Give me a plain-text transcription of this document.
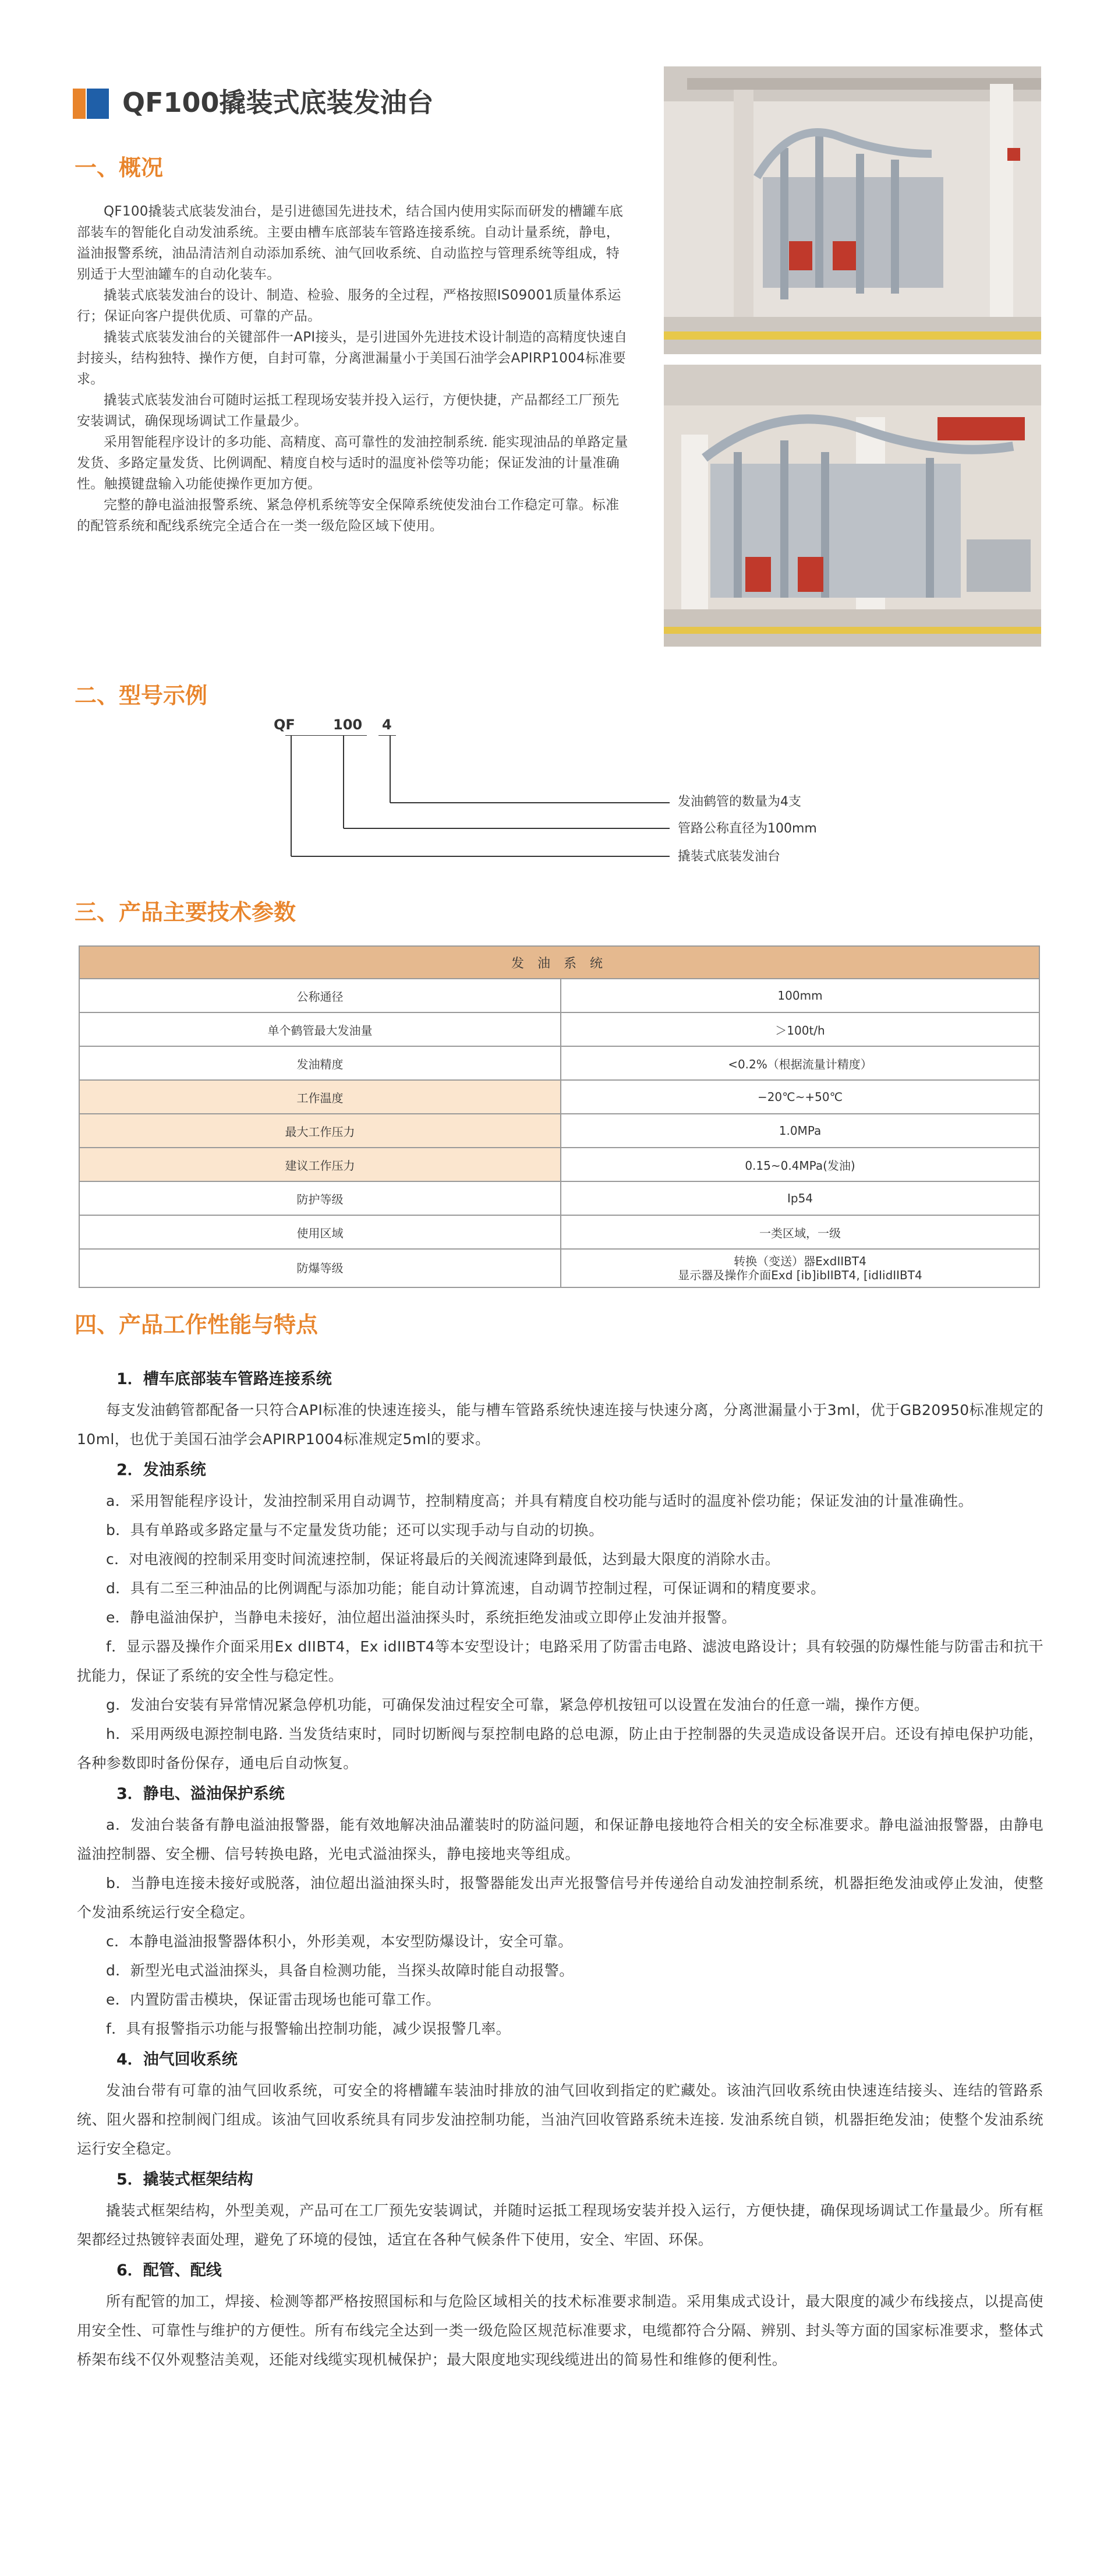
QF100撬装式底装发油台
一、概况

QF100撬装式底装发油台，是引进德国先进技术，结合国内使用实际而研发的槽罐车底部装车的智能化自动发油系统。主要由槽车底部装车管路连接系统。自动计量系统，静电，溢油报警系统，油品清洁剂自动添加系统、油气回收系统、自动监控与管理系统等组成，特别适于大型油罐车的自动化装车。

撬装式底装发油台的设计、制造、检验、服务的全过程，严格按照IS09001质量体系运行；保证向客户提供优质、可靠的产品。

撬装式底装发油台的关键部件一API接头，是引进国外先进技术设计制造的高精度快速自封接头，结构独特、操作方便，自封可靠，分离泄漏量小于美国石油学会APIRP1004标准要求。

撬装式底装发油台可随时运抵工程现场安装并投入运行，方便快捷，产品都经工厂预先安装调试，确保现场调试工作量最少。

采用智能程序设计的多功能、高精度、高可靠性的发油控制系统. 能实现油品的单路定量发货、多路定量发货、比例调配、精度自校与适时的温度补偿等功能；保证发油的计量准确性。触摸键盘输入功能使操作更加方便。

完整的静电溢油报警系统、紧急停机系统等安全保障系统使发油台工作稳定可靠。标准的配管系统和配线系统完全适合在一类一级危险区域下使用。

二、型号示例
QF	100 4
发油鹤管的数量为4支
管路公称直径为100mm
撬装式底装发油台
三、产品主要技术参数
发 油 系 统	
公称通径	100mm
单个鹤管最大发油量	＞100t/h
发油精度	<0.2%（根据流量计精度）
工作温度	−20℃~+50℃
最大工作压力	1.0MPa
建议工作压力	0.15~0.4MPa(发油)
防护等级	Ip54
使用区域	一类区域，一级
防爆等级	转换（变送）器ExdIIBT4
显示器及操作介面Exd [ib]ibIIBT4, [idIidIIBT4
四、产品工作性能与特点
1．槽车底部装车管路连接系统

每支发油鹤管都配备一只符合API标准的快速连接头，能与槽车管路系统快速连接与快速分离，分离泄漏量小于3ml，优于GB20950标准规定的10ml，也优于美国石油学会APIRP1004标准规定5ml的要求。

2．发油系统

a．采用智能程序设计，发油控制采用自动调节，控制精度高；并具有精度自校功能与适时的温度补偿功能；保证发油的计量准确性。

b．具有单路或多路定量与不定量发货功能；还可以实现手动与自动的切换。

c．对电液阀的控制采用变时间流速控制，保证将最后的关阀流速降到最低，达到最大限度的消除水击。

d．具有二至三种油品的比例调配与添加功能；能自动计算流速，自动调节控制过程，可保证调和的精度要求。

e．静电溢油保护，当静电未接好，油位超出溢油探头时，系统拒绝发油或立即停止发油并报警。

f．显示器及操作介面采用Ex dIIBT4，Ex idIIBT4等本安型设计；电路采用了防雷击电路、滤波电路设计；具有较强的防爆性能与防雷击和抗干扰能力，保证了系统的安全性与稳定性。

g．发油台安装有异常情况紧急停机功能，可确保发油过程安全可靠，紧急停机按钮可以设置在发油台的任意一端，操作方便。

h．采用两级电源控制电路. 当发货结束时，同时切断阀与泵控制电路的总电源，防止由于控制器的失灵造成设备误开启。还设有掉电保护功能，各种参数即时备份保存，通电后自动恢复。

3．静电、溢油保护系统

a．发油台装备有静电溢油报警器，能有效地解决油品灌装时的防溢问题，和保证静电接地符合相关的安全标准要求。静电溢油报警器，由静电溢油控制器、安全栅、信号转换电路，光电式溢油探头，静电接地夹等组成。

b．当静电连接未接好或脱落，油位超出溢油探头时，报警器能发出声光报警信号并传递给自动发油控制系统，机器拒绝发油或停止发油，使整个发油系统运行安全稳定。

c．本静电溢油报警器体积小，外形美观，本安型防爆设计，安全可靠。

d．新型光电式溢油探头，具备自检测功能，当探头故障时能自动报警。

e．内置防雷击模块，保证雷击现场也能可靠工作。

f．具有报警指示功能与报警输出控制功能，减少误报警几率。

4．油气回收系统

发油台带有可靠的油气回收系统，可安全的将槽罐车装油时排放的油气回收到指定的贮藏处。该油汽回收系统由快速连结接头、连结的管路系统、阻火器和控制阀门组成。该油气回收系统具有同步发油控制功能，当油汽回收管路系统未连接. 发油系统自锁，机器拒绝发油；使整个发油系统运行安全稳定。

5．撬装式框架结构

撬装式框架结构，外型美观，产品可在工厂预先安装调试，并随时运抵工程现场安装并投入运行，方便快捷，确保现场调试工作量最少。所有框架都经过热镀锌表面处理，避免了环境的侵蚀，适宜在各种气候条件下使用，安全、牢固、环保。

6．配管、配线

所有配管的加工，焊接、检测等都严格按照国标和与危险区域相关的技术标准要求制造。采用集成式设计，最大限度的减少布线接点，以提高使用安全性、可靠性与维护的方便性。所有布线完全达到一类一级危险区规范标准要求，电缆都符合分隔、辨别、封头等方面的国家标准要求，整体式桥架布线不仅外观整洁美观，还能对线缆实现机械保护；最大限度地实现线缆进出的简易性和维修的便利性。
